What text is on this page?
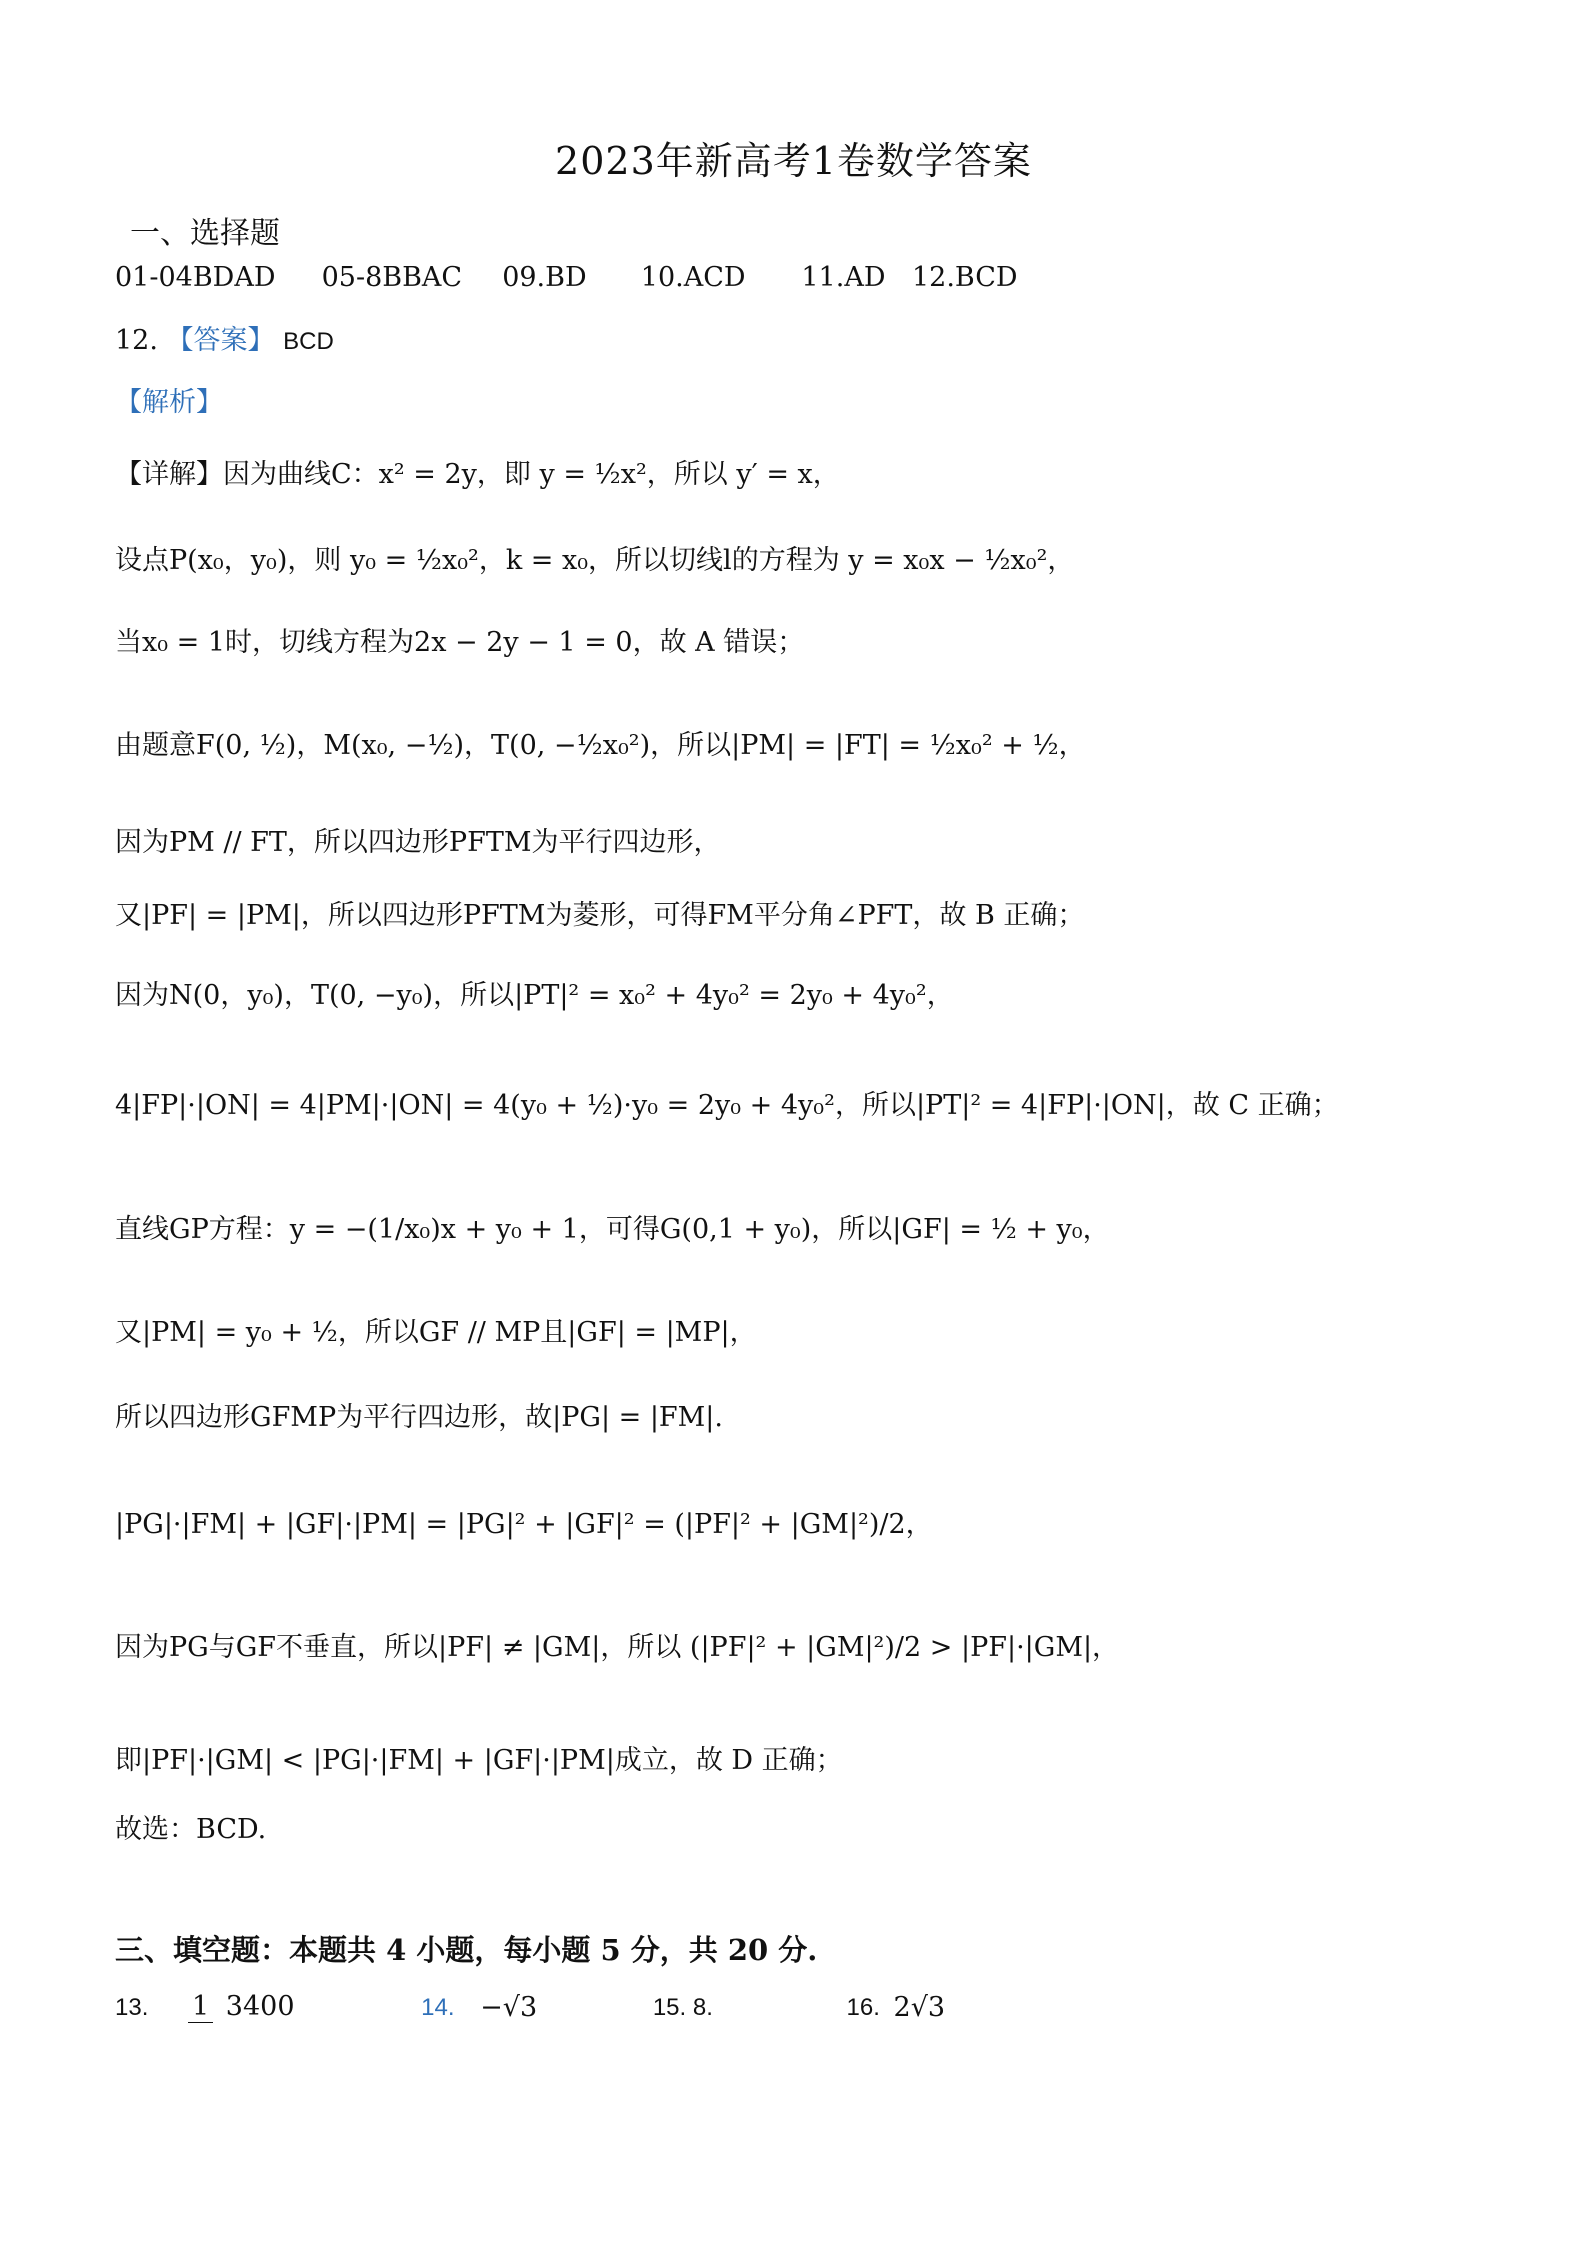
2023年新高考1卷数学答案
一、选择题
01-04BDAD 05-8BBAC 09.BD 10.ACD 11.AD 12.BCD
12. 【答案】 BCD
【解析】
【详解】因为曲线C：x² = 2y，即 y = ½x²，所以 y′ = x，
设点P(x₀，y₀)，则 y₀ = ½x₀²，k = x₀，所以切线l的方程为 y = x₀x − ½x₀²，
当x₀ = 1时，切线方程为2x − 2y − 1 = 0，故 A 错误；
由题意F(0, ½)，M(x₀, −½)，T(0, −½x₀²)，所以|PM| = |FT| = ½x₀² + ½，
因为PM // FT，所以四边形PFTM为平行四边形，
又|PF| = |PM|，所以四边形PFTM为菱形，可得FM平分角∠PFT，故 B 正确；
因为N(0，y₀)，T(0, −y₀)，所以|PT|² = x₀² + 4y₀² = 2y₀ + 4y₀²，
4|FP|·|ON| = 4|PM|·|ON| = 4(y₀ + ½)·y₀ = 2y₀ + 4y₀²，所以|PT|² = 4|FP|·|ON|，故 C 正确；
直线GP方程：y = −(1/x₀)x + y₀ + 1，可得G(0,1 + y₀)，所以|GF| = ½ + y₀，
又|PM| = y₀ + ½，所以GF // MP且|GF| = |MP|，
所以四边形GFMP为平行四边形，故|PG| = |FM|.
|PG|·|FM| + |GF|·|PM| = |PG|² + |GF|² = (|PF|² + |GM|²)/2，
因为PG与GF不垂直，所以|PF| ≠ |GM|，所以 (|PF|² + |GM|²)/2 > |PF|·|GM|，
即|PF|·|GM| < |PG|·|FM| + |GF|·|PM|成立，故 D 正确；
故选：BCD.
三、填空题：本题共 4 小题，每小题 5 分，共 20 分.
13. 1 3400	14. −√3	15. 8.	16. 2√3
